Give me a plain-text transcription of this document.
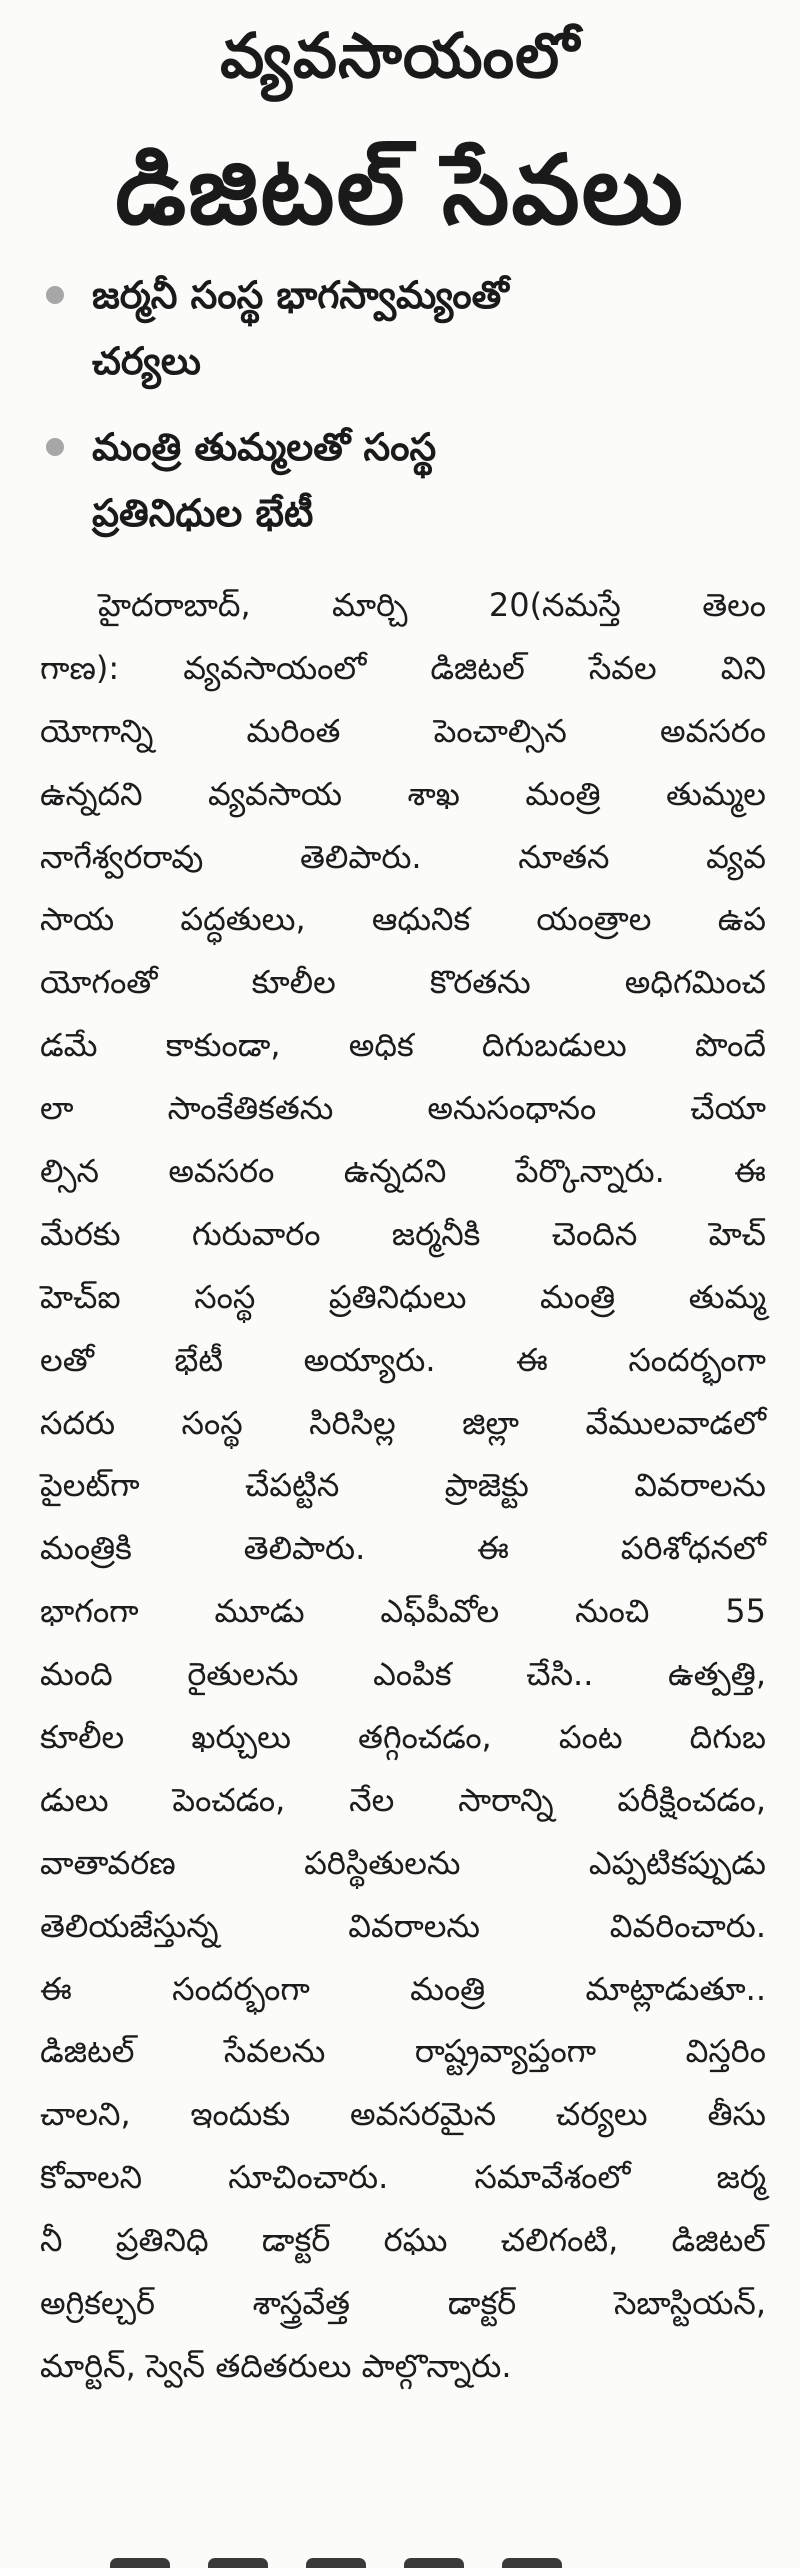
వ్యవసాయంలో
డిజిటల్ సేవలు
జర్మనీ సంస్థ భాగస్వామ్యంతో
చర్యలు
మంత్రి తుమ్మలతో సంస్థ
ప్రతినిధుల భేటీ
హైదరాబాద్, మార్చి 20(నమస్తే తెలం
గాణ): వ్యవసాయంలో డిజిటల్ సేవల విని
యోగాన్ని మరింత పెంచాల్సిన అవసరం
ఉన్నదని వ్యవసాయ శాఖ మంత్రి తుమ్మల
నాగేశ్వరరావు తెలిపారు. నూతన వ్యవ
సాయ పద్ధతులు, ఆధునిక యంత్రాల ఉప
యోగంతో కూలీల కొరతను అధిగమించ
డమే కాకుండా, అధిక దిగుబడులు పొందే
లా సాంకేతికతను అనుసంధానం చేయా
ల్సిన అవసరం ఉన్నదని పేర్కొన్నారు. ఈ
మేరకు గురువారం జర్మనీకి చెందిన హెచ్
హెచ్ఐ సంస్థ ప్రతినిధులు మంత్రి తుమ్మ
లతో భేటీ అయ్యారు. ఈ సందర్భంగా
సదరు సంస్థ సిరిసిల్ల జిల్లా వేములవాడలో
పైలట్‌గా చేపట్టిన ప్రాజెక్టు వివరాలను
మంత్రికి తెలిపారు. ఈ పరిశోధనలో
భాగంగా మూడు ఎఫ్‌పీవోల నుంచి 55
మంది రైతులను ఎంపిక చేసి.. ఉత్పత్తి,
కూలీల ఖర్చులు తగ్గించడం, పంట దిగుబ
డులు పెంచడం, నేల సారాన్ని పరీక్షించడం,
వాతావరణ పరిస్థితులను ఎప్పటికప్పుడు
తెలియజేస్తున్న వివరాలను వివరించారు.
ఈ సందర్భంగా మంత్రి మాట్లాడుతూ..
డిజిటల్ సేవలను రాష్ట్రవ్యాప్తంగా విస్తరిం
చాలని, ఇందుకు అవసరమైన చర్యలు తీసు
కోవాలని సూచించారు. సమావేశంలో జర్మ
నీ ప్రతినిధి డాక్టర్ రఘు చలిగంటి, డిజిటల్
అగ్రికల్చర్ శాస్త్రవేత్త డాక్టర్ సెబాస్టియన్,
మార్టిన్, స్వెన్ తదితరులు పాల్గొన్నారు.
